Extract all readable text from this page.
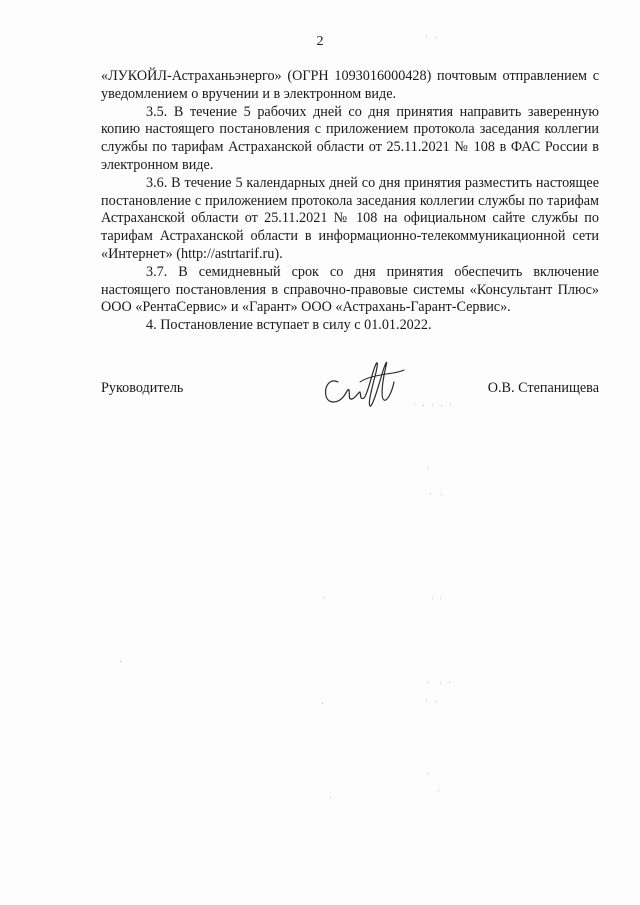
2

«ЛУКОЙЛ-Астраханьэнерго» (ОГРН 1093016000428) почтовым отправлением с уведомлением о вручении и в электронном виде.

3.5. В течение 5 рабочих дней со дня принятия направить заверенную копию настоящего постановления с приложением протокола заседания коллегии службы по тарифам Астраханской области от 25.11.2021 № 108 в ФАС России в электронном виде.

3.6. В течение 5 календарных дней со дня принятия разместить настоящее постановление с приложением протокола заседания коллегии службы по тарифам Астраханской области от 25.11.2021 № 108 на официальном сайте службы по тарифам Астраханской области в информационно-телекоммуникационной сети «Интернет» (http://astrtarif.ru).

3.7. В семидневный срок со дня принятия обеспечить включение настоящего постановления в справочно-правовые системы «Консультант Плюс» ООО «РентаСервис» и «Гарант» ООО «Астрахань-Гарант-Сервис».

4. Постановление вступает в силу с 01.01.2022.

Руководитель	О.В. Степанищева
